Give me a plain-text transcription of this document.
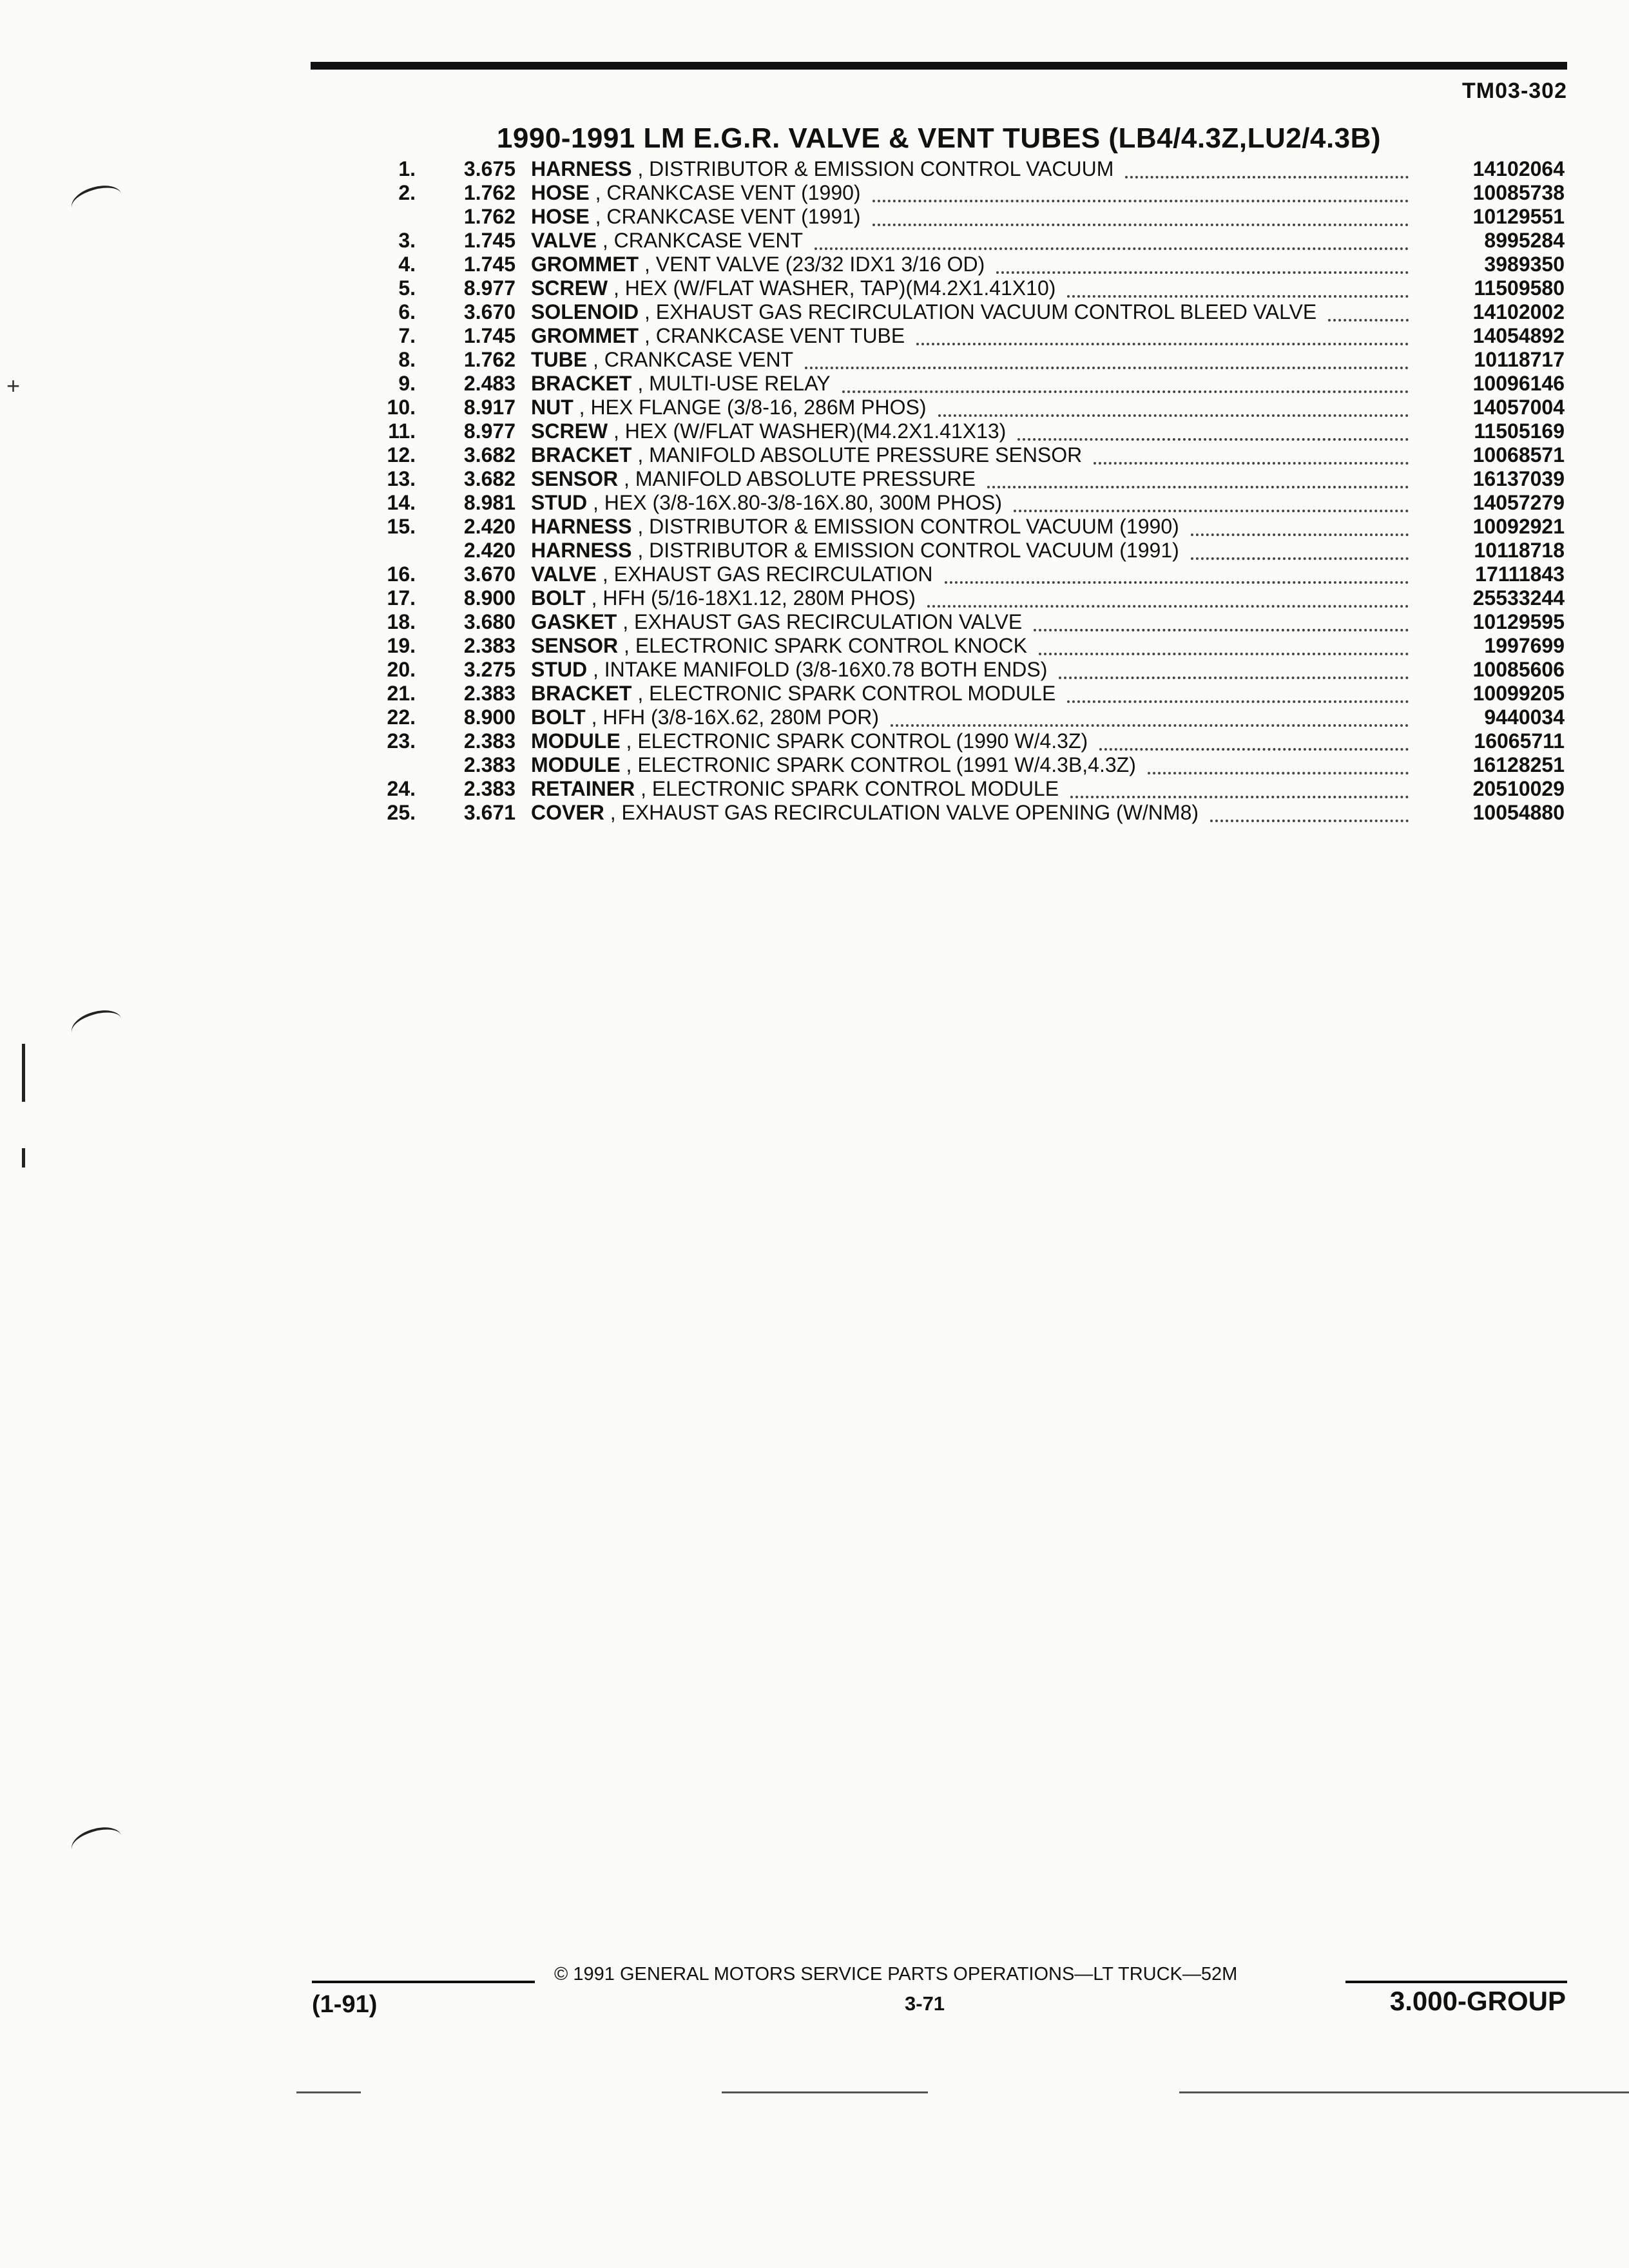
TM03-302
1990-1991 LM E.G.R. VALVE & VENT TUBES (LB4/4.3Z,LU2/4.3B)
1.	3.675 HARNESS , DISTRIBUTOR & EMISSION CONTROL VACUUM	14102064
2.	1.762 HOSE , CRANKCASE VENT (1990)	10085738
1.762 HOSE , CRANKCASE VENT (1991)	10129551
3.	1.745 VALVE , CRANKCASE VENT	8995284
4.	1.745 GROMMET , VENT VALVE (23/32 IDX1 3/16 OD)	3989350
5.	8.977 SCREW , HEX (W/FLAT WASHER, TAP)(M4.2X1.41X10)	11509580
6.	3.670 SOLENOID , EXHAUST GAS RECIRCULATION VACUUM CONTROL BLEED VALVE	14102002
7.	1.745 GROMMET , CRANKCASE VENT TUBE	14054892
8.	1.762 TUBE , CRANKCASE VENT	10118717
9.	2.483 BRACKET , MULTI-USE RELAY	10096146
10.	8.917 NUT , HEX FLANGE (3/8-16, 286M PHOS)	14057004
11.	8.977 SCREW , HEX (W/FLAT WASHER)(M4.2X1.41X13)	11505169
12.	3.682 BRACKET , MANIFOLD ABSOLUTE PRESSURE SENSOR	10068571
13.	3.682 SENSOR , MANIFOLD ABSOLUTE PRESSURE	16137039
14.	8.981 STUD , HEX (3/8-16X.80-3/8-16X.80, 300M PHOS)	14057279
15.	2.420 HARNESS , DISTRIBUTOR & EMISSION CONTROL VACUUM (1990)	10092921
2.420 HARNESS , DISTRIBUTOR & EMISSION CONTROL VACUUM (1991)	10118718
16.	3.670 VALVE , EXHAUST GAS RECIRCULATION	17111843
17.	8.900 BOLT , HFH (5/16-18X1.12, 280M PHOS)	25533244
18.	3.680 GASKET , EXHAUST GAS RECIRCULATION VALVE	10129595
19.	2.383 SENSOR , ELECTRONIC SPARK CONTROL KNOCK	1997699
20.	3.275 STUD , INTAKE MANIFOLD (3/8-16X0.78 BOTH ENDS)	10085606
21.	2.383 BRACKET , ELECTRONIC SPARK CONTROL MODULE	10099205
22.	8.900 BOLT , HFH (3/8-16X.62, 280M POR)	9440034
23.	2.383 MODULE , ELECTRONIC SPARK CONTROL (1990 W/4.3Z)	16065711
2.383 MODULE , ELECTRONIC SPARK CONTROL (1991 W/4.3B,4.3Z)	16128251
24.	2.383 RETAINER , ELECTRONIC SPARK CONTROL MODULE	20510029
25.	3.671 COVER , EXHAUST GAS RECIRCULATION VALVE OPENING (W/NM8)	10054880
+
© 1991 GENERAL MOTORS SERVICE PARTS OPERATIONS—LT TRUCK—52M
(1-91)	3-71	3.000-GROUP
